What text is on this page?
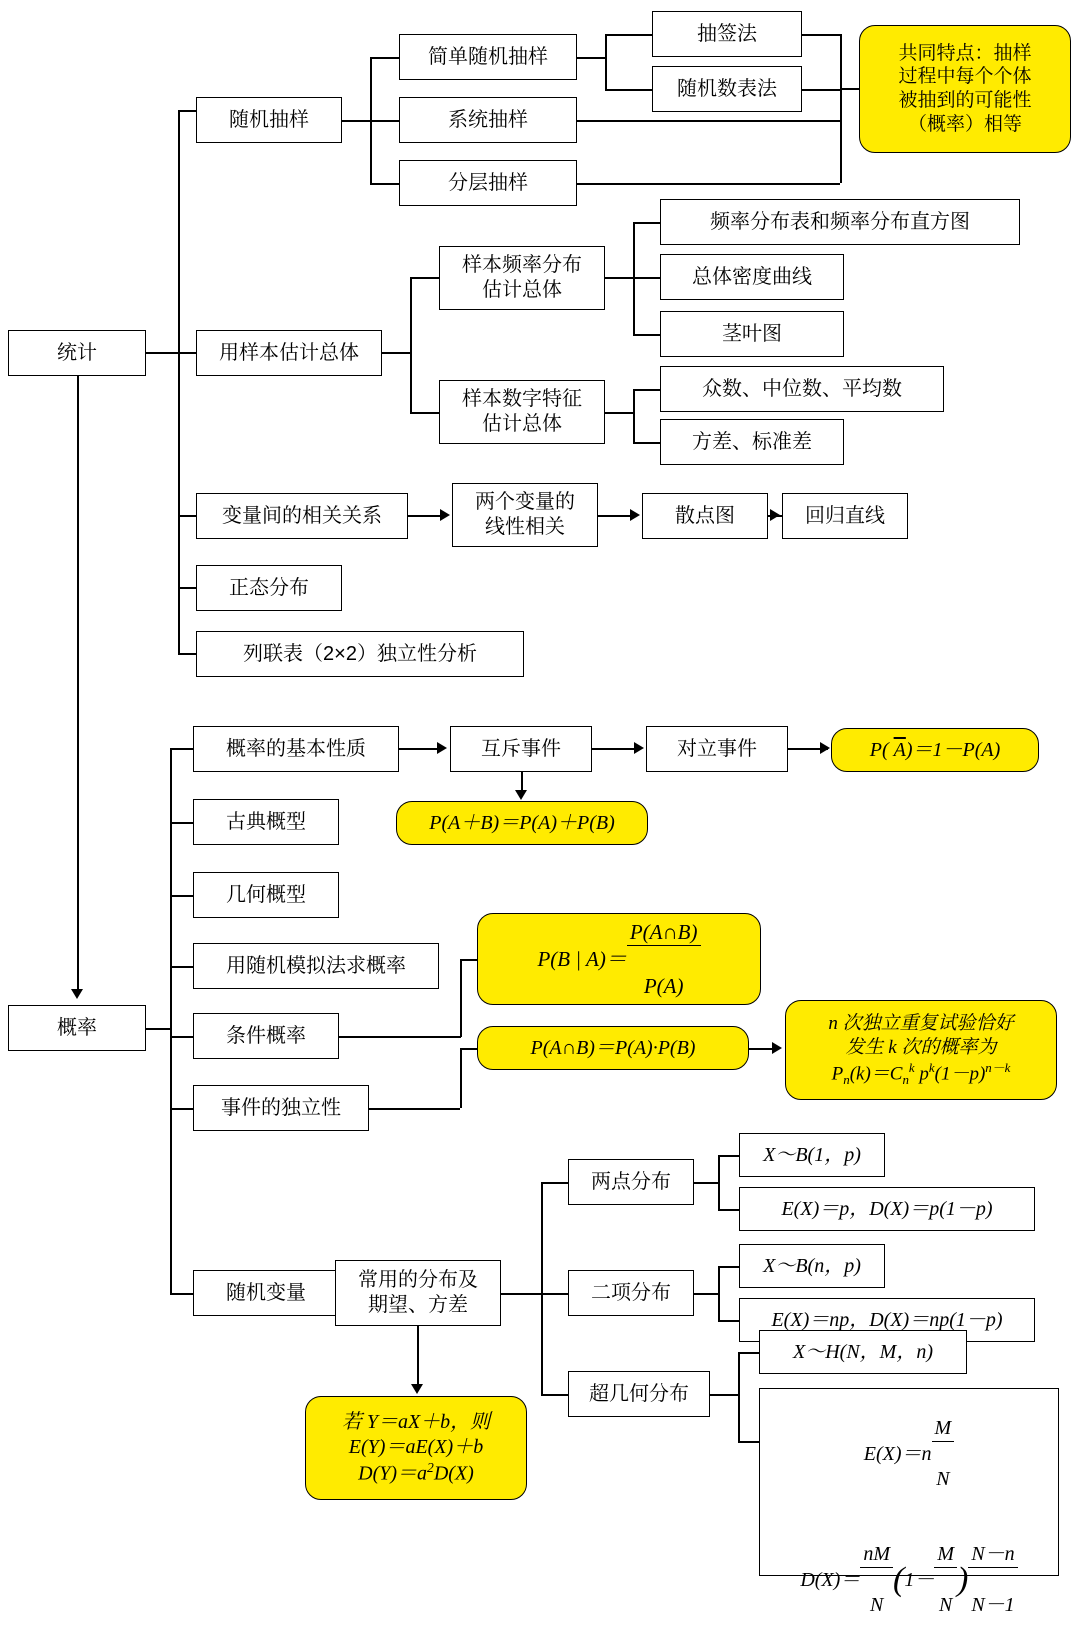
统计
随机抽样
用样本估计总体
变量间的相关关系
正态分布
列联表（2×2）独立性分析
简单随机抽样
系统抽样
分层抽样
抽签法
随机数表法
共同特点：抽样
过程中每个个体
被抽到的可能性
（概率）相等
样本频率分布
估计总体
样本数字特征
估计总体
频率分布表和频率分布直方图
总体密度曲线
茎叶图
众数、中位数、平均数
方差、标准差
两个变量的
线性相关
散点图	回归直线
概率
概率的基本性质
古典概型
几何概型
用随机模拟法求概率
条件概率
事件的独立性
随机变量
互斥事件	对立事件	P( $\overline{A})=1-P(A)$
P(A＋B)＝P(A)＋P(B)
P(B | $A)= \frac{P(A\cap B)}{P(A)}$

P(A∩B)＝P(A)·P(B)
n 次独立重复试验恰好
发生 k 次的概率为
$P_n(k)=C_n^k$ $p^k(1-p)^{n-k}$
常用的分布及
期望、方差
若 Y＝aX＋b，则
E(Y)＝aE(X)＋b
$D(Y)=a^2D(X)$
两点分布
二项分布
超几何分布
X～B(1，p)
E(X)＝p，D(X)＝p(1－p)
X～B(n，p)
E(X)＝np，D(X)＝np(1－p)
X～H(N，M，n)
$E(X)=n \frac{M}{N}$

$D(X)= \frac{nM}{N}$ ( $1- \frac{M}{N}$ ) $\frac{N-n}{N-1}$
